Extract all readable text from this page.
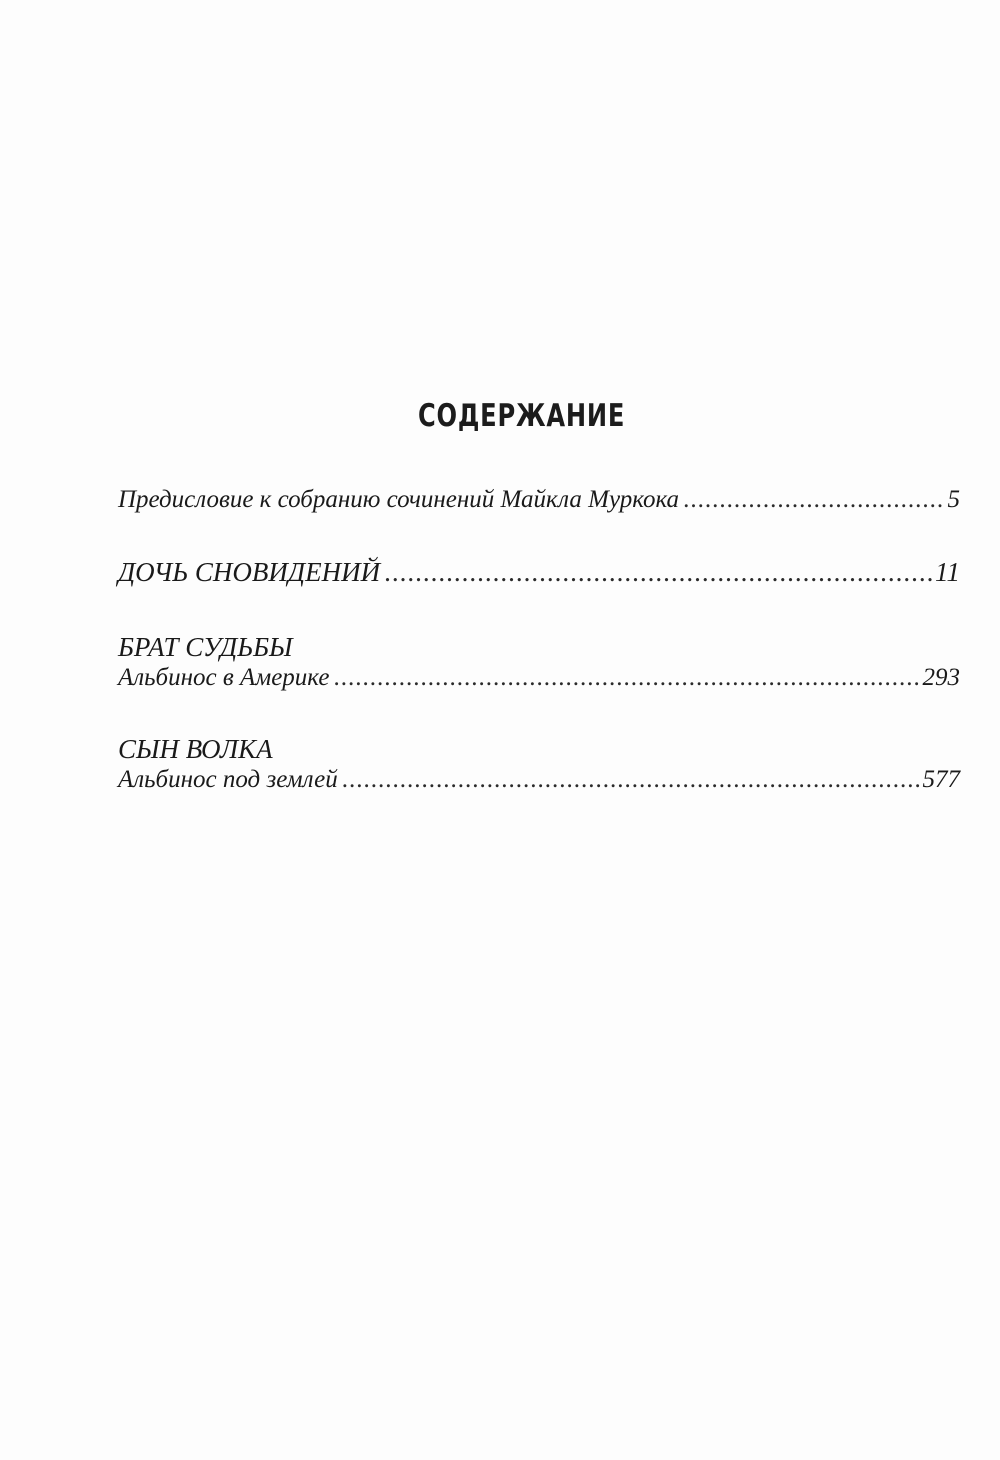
СОДЕРЖАНИЕ
Предисловие к собранию сочинений Майкла Муркока .....	5
ДОЧЬ СНОВИДЕНИЙ .....	11
БРАТ СУДЬБЫ
Альбинос в Америке .....	293
СЫН ВОЛКА
Альбинос под землей .....	577
